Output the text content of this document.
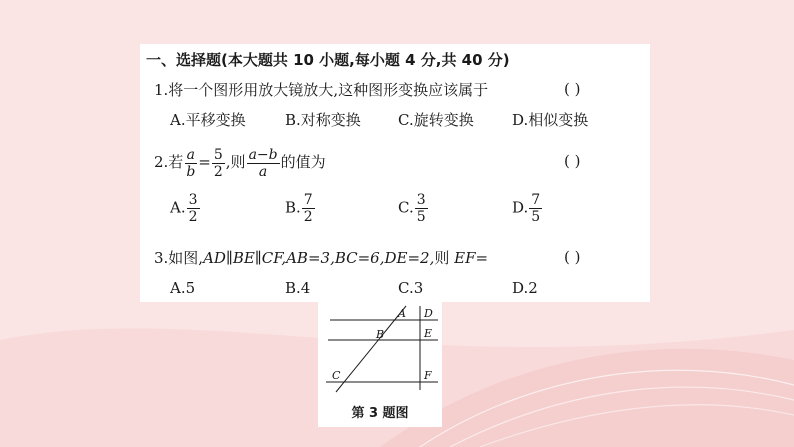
一、选择题(本大题共 10 小题,每小题 4 分,共 40 分)
1.将一个图形用放大镜放大,这种图形变换应该属于	( )
A.平移变换	B.对称变换 C.旋转变换	D.相似变换
2.若 $\frac{a}{b} = \frac{5}{2}$ ,则 $\frac{a-b}{a}$ 的值为	( )
A. $\frac{3}{2}$	B. $\frac{7}{2}$	C. $\frac{3}{5}$	D. $\frac{7}{5}$
3.如图,AD∥BE∥CF,AB=3,BC=6,DE=2,则 EF=	( )
A.5	B.4	C.3	D.2
A
B
C
D
E
F
第 3 题图
